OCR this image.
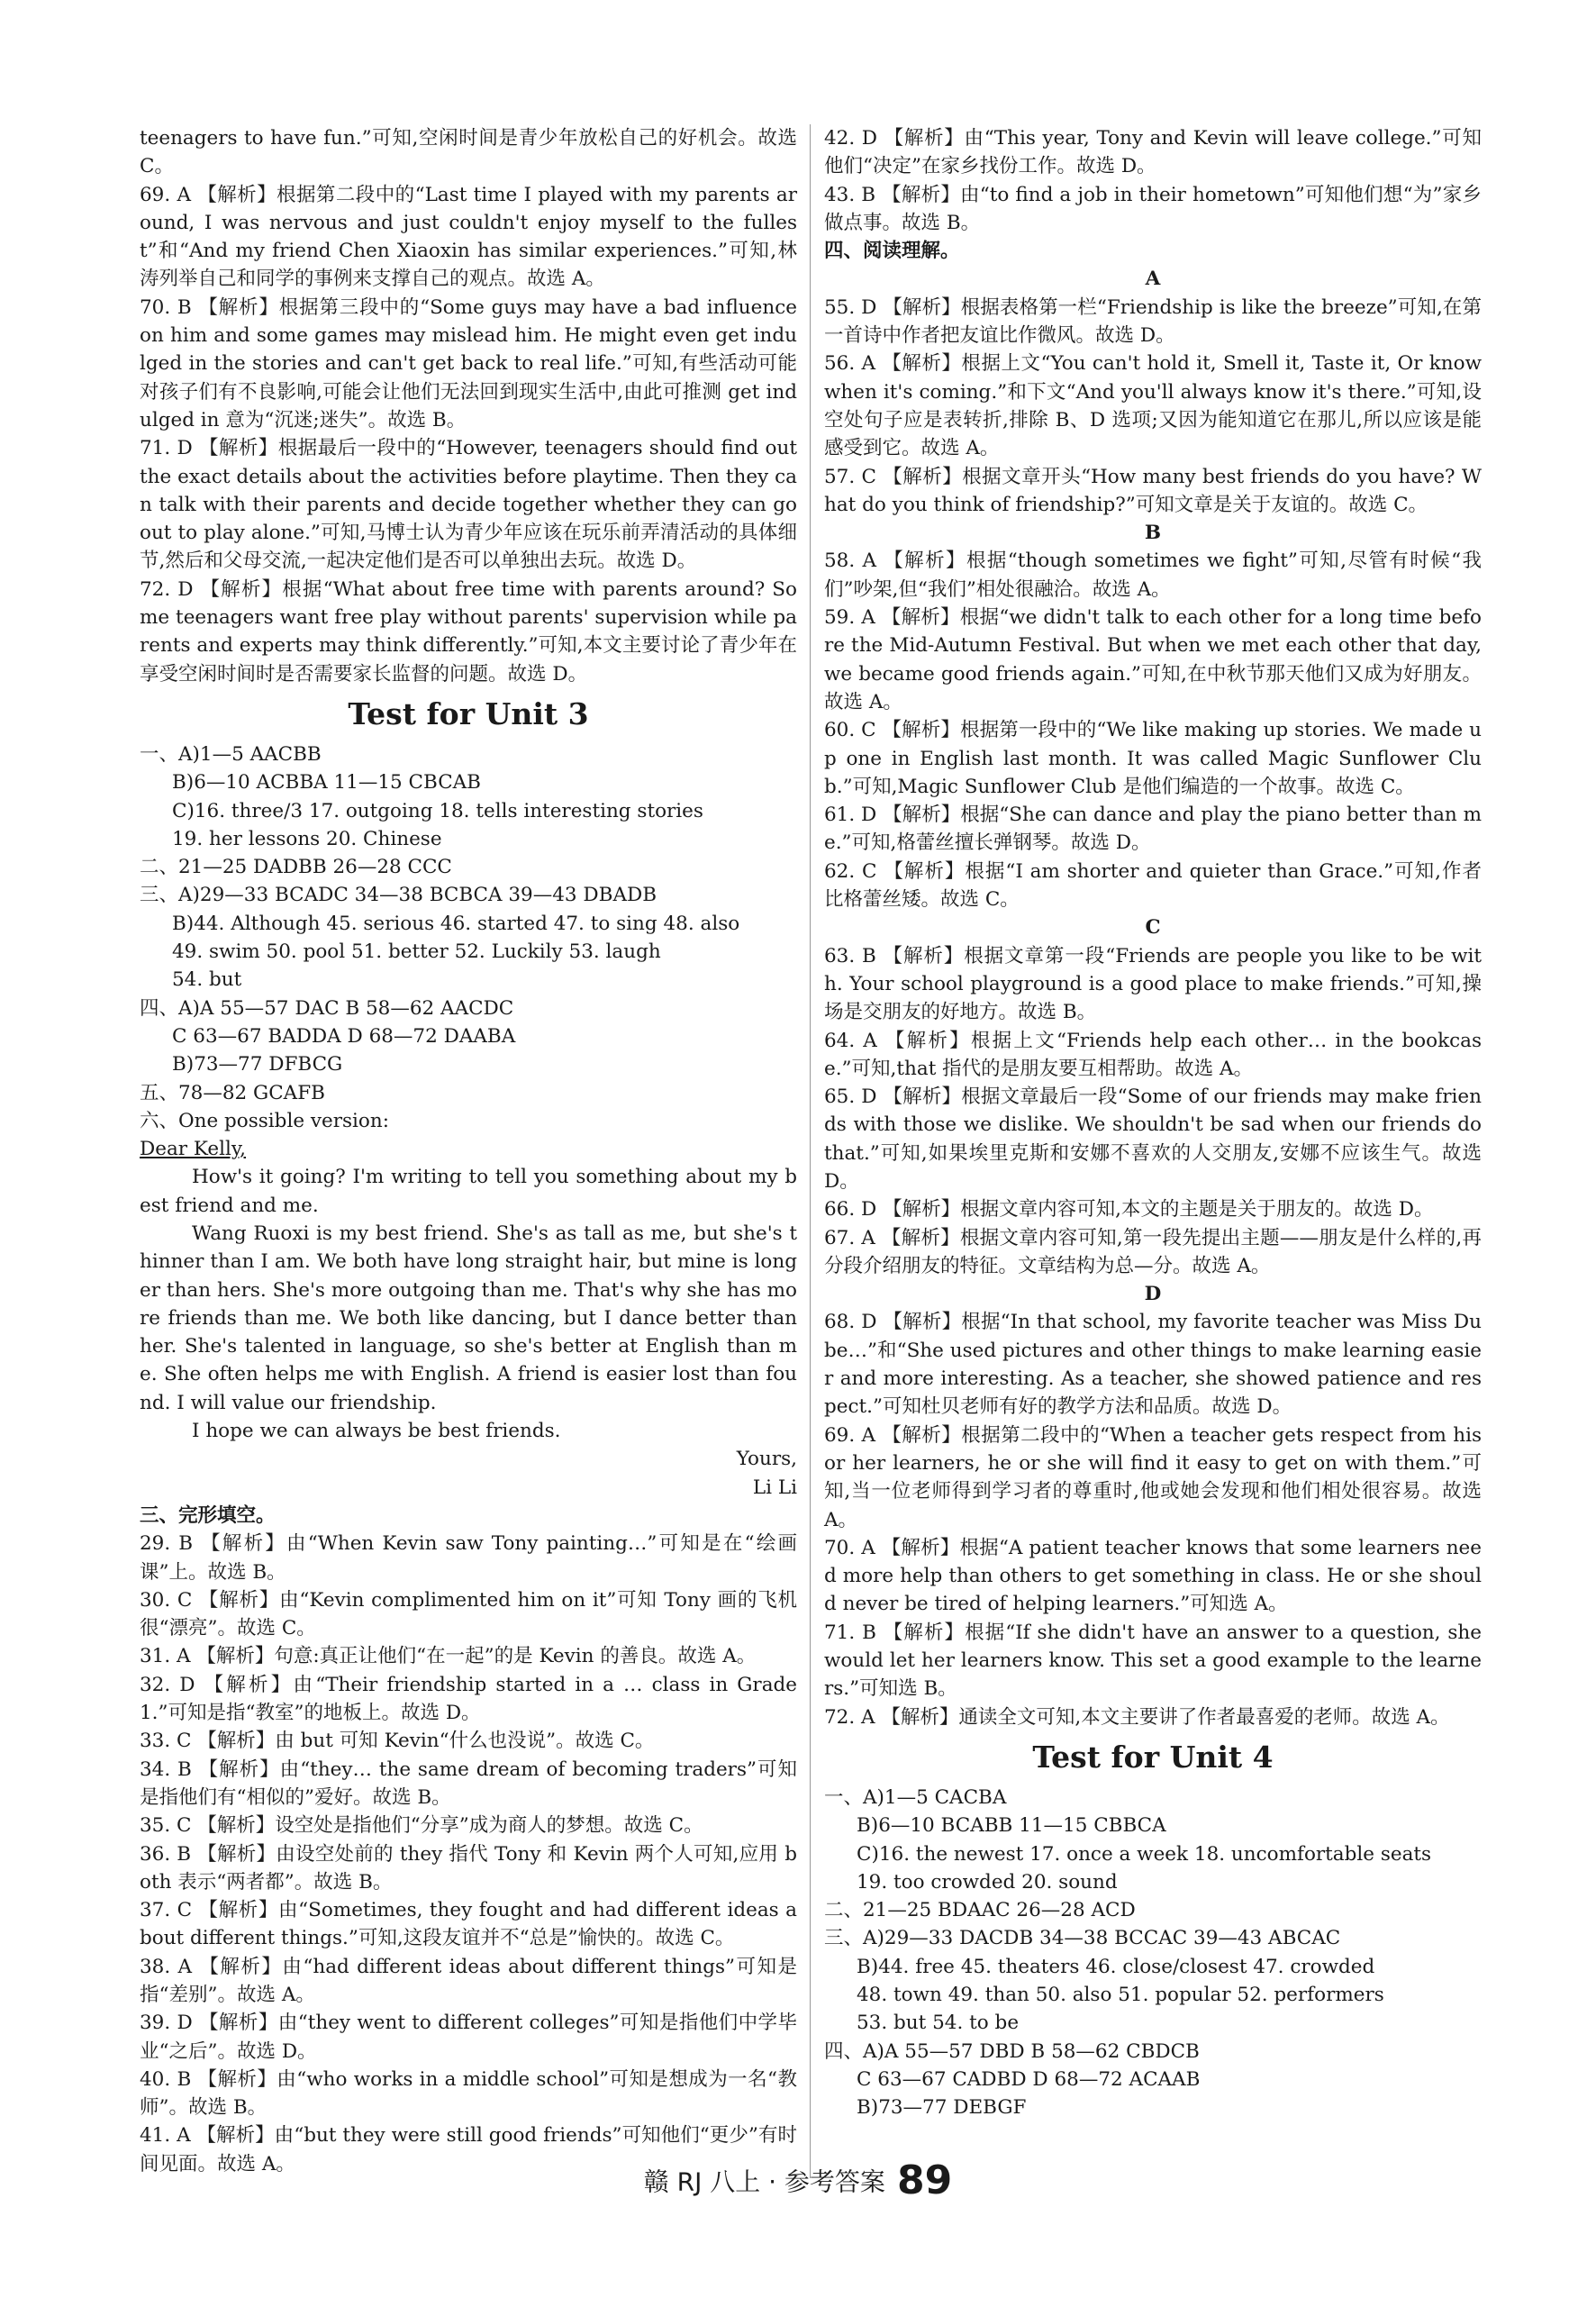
teenagers to have fun.”可知,空闲时间是青少年放松自己的好机会。故选 C。

69. A 【解析】根据第二段中的“Last time I played with my parents around, I was nervous and just couldn't enjoy myself to the fullest”和“And my friend Chen Xiaoxin has similar experiences.”可知,林涛列举自己和同学的事例来支撑自己的观点。故选 A。

70. B 【解析】根据第三段中的“Some guys may have a bad influence on him and some games may mislead him. He might even get indulged in the stories and can't get back to real life.”可知,有些活动可能对孩子们有不良影响,可能会让他们无法回到现实生活中,由此可推测 get indulged in 意为“沉迷;迷失”。故选 B。

71. D 【解析】根据最后一段中的“However, teenagers should find out the exact details about the activities before playtime. Then they can talk with their parents and decide together whether they can go out to play alone.”可知,马博士认为青少年应该在玩乐前弄清活动的具体细节,然后和父母交流,一起决定他们是否可以单独出去玩。故选 D。

72. D 【解析】根据“What about free time with parents around? Some teenagers want free play without parents' supervision while parents and experts may think differently.”可知,本文主要讨论了青少年在享受空闲时间时是否需要家长监督的问题。故选 D。

Test for Unit 3

一、A)1—5 AACBB

B)6—10 ACBBA 11—15 CBCAB

C)16. three/3 17. outgoing 18. tells interesting stories

19. her lessons 20. Chinese

二、21—25 DADBB 26—28 CCC

三、A)29—33 BCADC 34—38 BCBCA 39—43 DBADB

B)44. Although 45. serious 46. started 47. to sing 48. also

49. swim 50. pool 51. better 52. Luckily 53. laugh

54. but

四、A)A 55—57 DAC B 58—62 AACDC

C 63—67 BADDA D 68—72 DAABA

B)73—77 DFBCG

五、78—82 GCAFB

六、One possible version:

Dear Kelly,

How's it going? I'm writing to tell you something about my best friend and me.

Wang Ruoxi is my best friend. She's as tall as me, but she's thinner than I am. We both have long straight hair, but mine is longer than hers. She's more outgoing than me. That's why she has more friends than me. We both like dancing, but I dance better than her. She's talented in language, so she's better at English than me. She often helps me with English. A friend is easier lost than found. I will value our friendship.

I hope we can always be best friends.

Yours,

Li Li

三、完形填空。

29. B 【解析】由“When Kevin saw Tony painting…”可知是在“绘画课”上。故选 B。

30. C 【解析】由“Kevin complimented him on it”可知 Tony 画的飞机很“漂亮”。故选 C。

31. A 【解析】句意:真正让他们“在一起”的是 Kevin 的善良。故选 A。

32. D 【解析】由“Their friendship started in a … class in Grade 1.”可知是指“教室”的地板上。故选 D。

33. C 【解析】由 but 可知 Kevin“什么也没说”。故选 C。

34. B 【解析】由“they… the same dream of becoming traders”可知是指他们有“相似的”爱好。故选 B。

35. C 【解析】设空处是指他们“分享”成为商人的梦想。故选 C。

36. B 【解析】由设空处前的 they 指代 Tony 和 Kevin 两个人可知,应用 both 表示“两者都”。故选 B。

37. C 【解析】由“Sometimes, they fought and had different ideas about different things.”可知,这段友谊并不“总是”愉快的。故选 C。

38. A 【解析】由“had different ideas about different things”可知是指“差别”。故选 A。

39. D 【解析】由“they went to different colleges”可知是指他们中学毕业“之后”。故选 D。

40. B 【解析】由“who works in a middle school”可知是想成为一名“教师”。故选 B。

41. A 【解析】由“but they were still good friends”可知他们“更少”有时间见面。故选 A。

42. D 【解析】由“This year, Tony and Kevin will leave college.”可知他们“决定”在家乡找份工作。故选 D。

43. B 【解析】由“to find a job in their hometown”可知他们想“为”家乡做点事。故选 B。

四、阅读理解。

A

55. D 【解析】根据表格第一栏“Friendship is like the breeze”可知,在第一首诗中作者把友谊比作微风。故选 D。

56. A 【解析】根据上文“You can't hold it, Smell it, Taste it, Or know when it's coming.”和下文“And you'll always know it's there.”可知,设空处句子应是表转折,排除 B、D 选项;又因为能知道它在那儿,所以应该是能感受到它。故选 A。

57. C 【解析】根据文章开头“How many best friends do you have? What do you think of friendship?”可知文章是关于友谊的。故选 C。

B

58. A 【解析】根据“though sometimes we fight”可知,尽管有时候“我们”吵架,但“我们”相处很融洽。故选 A。

59. A 【解析】根据“we didn't talk to each other for a long time before the Mid-Autumn Festival. But when we met each other that day, we became good friends again.”可知,在中秋节那天他们又成为好朋友。故选 A。

60. C 【解析】根据第一段中的“We like making up stories. We made up one in English last month. It was called Magic Sunflower Club.”可知,Magic Sunflower Club 是他们编造的一个故事。故选 C。

61. D 【解析】根据“She can dance and play the piano better than me.”可知,格蕾丝擅长弹钢琴。故选 D。

62. C 【解析】根据“I am shorter and quieter than Grace.”可知,作者比格蕾丝矮。故选 C。

C

63. B 【解析】根据文章第一段“Friends are people you like to be with. Your school playground is a good place to make friends.”可知,操场是交朋友的好地方。故选 B。

64. A 【解析】根据上文“Friends help each other… in the bookcase.”可知,that 指代的是朋友要互相帮助。故选 A。

65. D 【解析】根据文章最后一段“Some of our friends may make friends with those we dislike. We shouldn't be sad when our friends do that.”可知,如果埃里克斯和安娜不喜欢的人交朋友,安娜不应该生气。故选 D。

66. D 【解析】根据文章内容可知,本文的主题是关于朋友的。故选 D。

67. A 【解析】根据文章内容可知,第一段先提出主题——朋友是什么样的,再分段介绍朋友的特征。文章结构为总—分。故选 A。

D

68. D 【解析】根据“In that school, my favorite teacher was Miss Dube…”和“She used pictures and other things to make learning easier and more interesting. As a teacher, she showed patience and respect.”可知杜贝老师有好的教学方法和品质。故选 D。

69. A 【解析】根据第二段中的“When a teacher gets respect from his or her learners, he or she will find it easy to get on with them.”可知,当一位老师得到学习者的尊重时,他或她会发现和他们相处很容易。故选 A。

70. A 【解析】根据“A patient teacher knows that some learners need more help than others to get something in class. He or she should never be tired of helping learners.”可知选 A。

71. B 【解析】根据“If she didn't have an answer to a question, she would let her learners know. This set a good example to the learners.”可知选 B。

72. A 【解析】通读全文可知,本文主要讲了作者最喜爱的老师。故选 A。

Test for Unit 4

一、A)1—5 CACBA

B)6—10 BCABB 11—15 CBBCA

C)16. the newest 17. once a week 18. uncomfortable seats

19. too crowded 20. sound

二、21—25 BDAAC 26—28 ACD

三、A)29—33 DACDB 34—38 BCCAC 39—43 ABCAC

B)44. free 45. theaters 46. close/closest 47. crowded

48. town 49. than 50. also 51. popular 52. performers

53. but 54. to be

四、A)A 55—57 DBD B 58—62 CBDCB

C 63—67 CADBD D 68—72 ACAAB

B)73—77 DEBGF

赣 RJ 八上 · 参考答案 89
